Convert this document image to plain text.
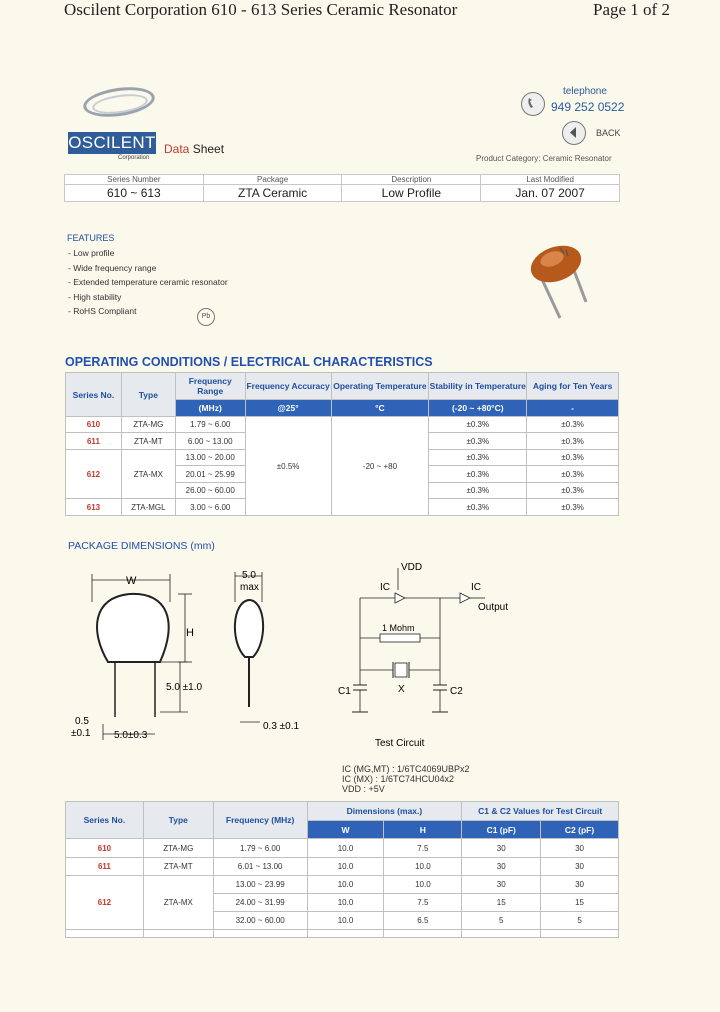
Oscilent Corporation 610 - 613 Series Ceramic Resonator	Page 1 of 2
OSCILENT
Corporation
Data Sheet
telephone
949 252 0522
BACK
Product Category: Ceramic Resonator
Series Number	Package	Description	Last Modified
610 ~ 613	ZTA Ceramic	Low Profile	Jan. 07 2007
FEATURES
- Low profile
- Wide frequency range
- Extended temperature ceramic resonator
- High stability
- RoHS Compliant
Pb
OPERATING CONDITIONS / ELECTRICAL CHARACTERISTICS
Series No.	Type	Frequency Range	Frequency Accuracy	Operating Temperature	Stability in Temperature	Aging for Ten Years
		(MHz)	@25°	°C	(-20 ~ +80°C)	-
610	ZTA-MG	1.79 ~ 6.00	±0.5%	-20 ~ +80	±0.3%	±0.3%
611	ZTA-MT	6.00 ~ 13.00			±0.3%	±0.3%
612	ZTA-MX	13.00 ~ 20.00			±0.3%	±0.3%
		20.01 ~ 25.99			±0.3%	±0.3%
		26.00 ~ 60.00			±0.3%	±0.3%
613	ZTA-MGL	3.00 ~ 6.00			±0.3%	±0.3%
PACKAGE DIMENSIONS (mm)
W
H
5.0 ±1.0
5.0±0.3
0.5
±0.1
5.0
max
0.3 ±0.1
VDD
IC	IC
Output
1 Mohm
X
C1	C2
Test Circuit
IC (MG,MT) : 1/6TC4069UBPx2
IC (MX) : 1/6TC74HCU04x2
VDD : +5V
Series No.	Type	Frequency (MHz)	Dimensions (max.)		C1 & C2 Values for Test Circuit	
			W	H	C1 (pF)	C2 (pF)
610	ZTA-MG	1.79 ~ 6.00	10.0	7.5	30	30
611	ZTA-MT	6.01 ~ 13.00	10.0	10.0	30	30
612	ZTA-MX	13.00 ~ 23.99	10.0	10.0	30	30
		24.00 ~ 31.99	10.0	7.5	15	15
		32.00 ~ 60.00	10.0	6.5	5	5
